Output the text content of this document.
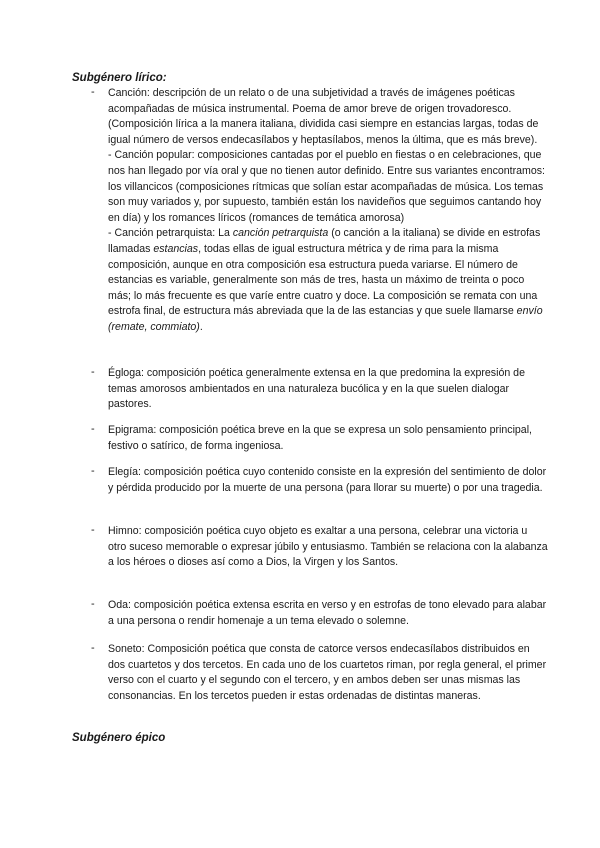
Subgénero lírico:
- Canción: descripción de un relato o de una subjetividad a través de imágenes poéticas acompañadas de música instrumental. Poema de amor breve de origen trovadoresco. (Composición lírica a la manera italiana, dividida casi siempre en estancias largas, todas de igual número de versos endecasílabos y heptasílabos, menos la última, que es más breve).

- Canción popular: composiciones cantadas por el pueblo en fiestas o en celebraciones, que nos han llegado por vía oral y que no tienen autor definido. Entre sus variantes encontramos: los villancicos (composiciones rítmicas que solían estar acompañadas de música. Los temas son muy variados y, por supuesto, también están los navideños que seguimos cantando hoy en día) y los romances líricos (romances de temática amorosa)

- Canción petrarquista: La canción petrarquista (o canción a la italiana) se divide en estrofas llamadas estancias, todas ellas de igual estructura métrica y de rima para la misma composición, aunque en otra composición esa estructura pueda variarse. El número de estancias es variable, generalmente son más de tres, hasta un máximo de treinta o poco más; lo más frecuente es que varíe entre cuatro y doce. La composición se remata con una estrofa final, de estructura más abreviada que la de las estancias y que suele llamarse envío (remate, commiato).

- Égloga: composición poética generalmente extensa en la que predomina la expresión de temas amorosos ambientados en una naturaleza bucólica y en la que suelen dialogar pastores.
- Epigrama: composición poética breve en la que se expresa un solo pensamiento principal, festivo o satírico, de forma ingeniosa.
- Elegía: composición poética cuyo contenido consiste en la expresión del sentimiento de dolor y pérdida producido por la muerte de una persona (para llorar su muerte) o por una tragedia.
- Himno: composición poética cuyo objeto es exaltar a una persona, celebrar una victoria u otro suceso memorable o expresar júbilo y entusiasmo. También se relaciona con la alabanza a los héroes o dioses así como a Dios, la Virgen y los Santos.
- Oda: composición poética extensa escrita en verso y en estrofas de tono elevado para alabar a una persona o rendir homenaje a un tema elevado o solemne.
- Soneto: Composición poética que consta de catorce versos endecasílabos distribuidos en dos cuartetos y dos tercetos. En cada uno de los cuartetos riman, por regla general, el primer verso con el cuarto y el segundo con el tercero, y en ambos deben ser unas mismas las consonancias. En los tercetos pueden ir estas ordenadas de distintas maneras.
Subgénero épico
